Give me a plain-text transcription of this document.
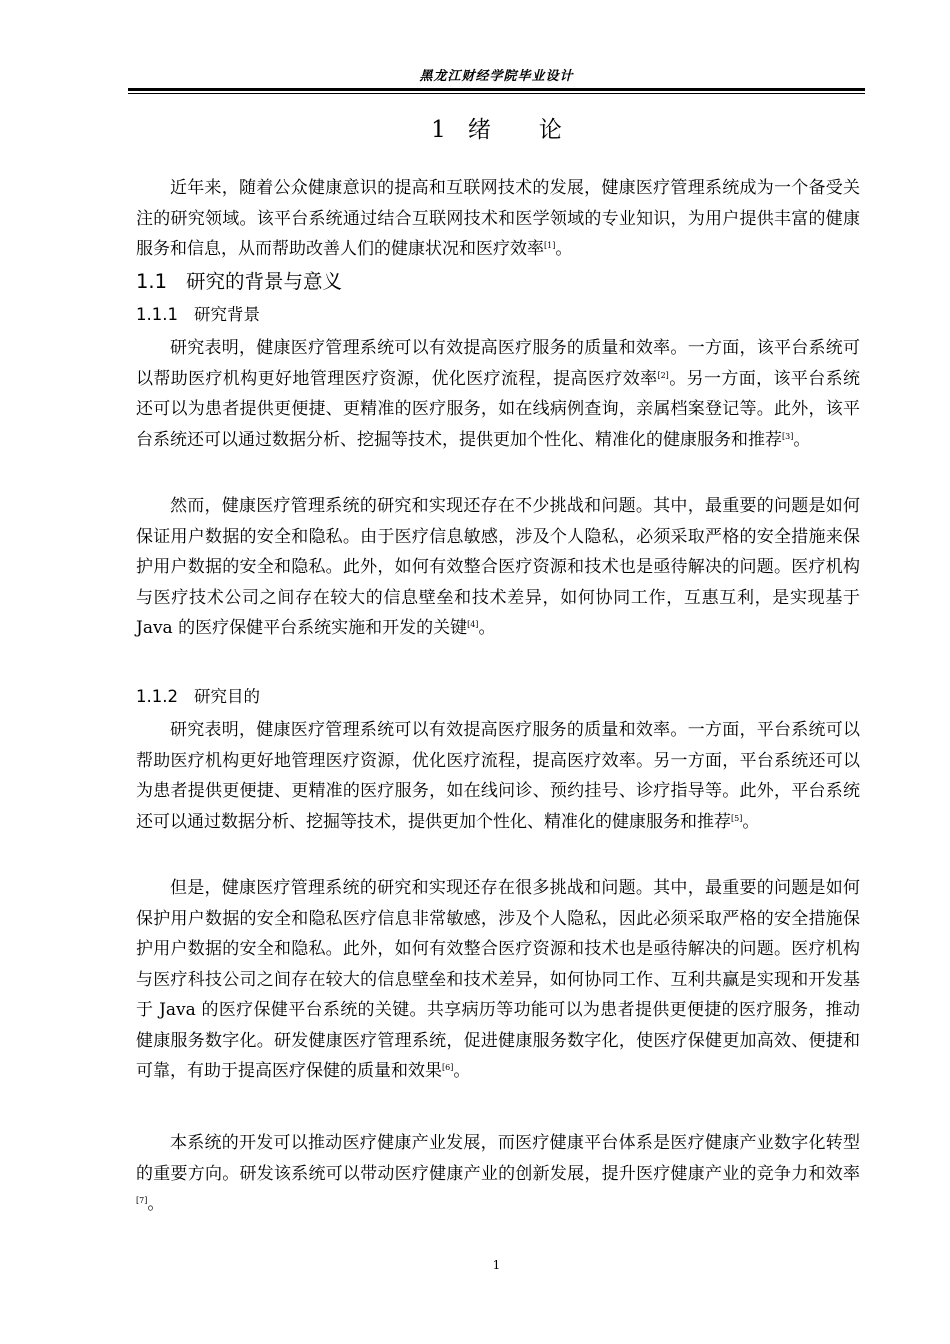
黑龙江财经学院毕业设计
1 绪 论

近年来，随着公众健康意识的提高和互联网技术的发展，健康医疗管理系统成为一个备受关注的研究领域。该平台系统通过结合互联网技术和医学领域的专业知识，为用户提供丰富的健康服务和信息，从而帮助改善人们的健康状况和医疗效率[1]。

1.1 研究的背景与意义
1.1.1 研究背景

研究表明，健康医疗管理系统可以有效提高医疗服务的质量和效率。一方面，该平台系统可以帮助医疗机构更好地管理医疗资源，优化医疗流程，提高医疗效率[2]。另一方面，该平台系统还可以为患者提供更便捷、更精准的医疗服务，如在线病例查询，亲属档案登记等。此外，该平台系统还可以通过数据分析、挖掘等技术，提供更加个性化、精准化的健康服务和推荐[3]。

然而，健康医疗管理系统的研究和实现还存在不少挑战和问题。其中，最重要的问题是如何保证用户数据的安全和隐私。由于医疗信息敏感，涉及个人隐私，必须采取严格的安全措施来保护用户数据的安全和隐私。此外，如何有效整合医疗资源和技术也是亟待解决的问题。医疗机构与医疗技术公司之间存在较大的信息壁垒和技术差异，如何协同工作，互惠互利，是实现基于 Java 的医疗保健平台系统实施和开发的关键[4]。

1.1.2 研究目的

研究表明，健康医疗管理系统可以有效提高医疗服务的质量和效率。一方面，平台系统可以帮助医疗机构更好地管理医疗资源，优化医疗流程，提高医疗效率。另一方面，平台系统还可以为患者提供更便捷、更精准的医疗服务，如在线问诊、预约挂号、诊疗指导等。此外，平台系统还可以通过数据分析、挖掘等技术，提供更加个性化、精准化的健康服务和推荐[5]。

但是，健康医疗管理系统的研究和实现还存在很多挑战和问题。其中，最重要的问题是如何保护用户数据的安全和隐私医疗信息非常敏感，涉及个人隐私，因此必须采取严格的安全措施保护用户数据的安全和隐私。此外，如何有效整合医疗资源和技术也是亟待解决的问题。医疗机构与医疗科技公司之间存在较大的信息壁垒和技术差异，如何协同工作、互利共赢是实现和开发基于 Java 的医疗保健平台系统的关键。共享病历等功能可以为患者提供更便捷的医疗服务，推动健康服务数字化。研发健康医疗管理系统，促进健康服务数字化，使医疗保健更加高效、便捷和可靠，有助于提高医疗保健的质量和效果[6]。

本系统的开发可以推动医疗健康产业发展，而医疗健康平台体系是医疗健康产业数字化转型的重要方向。研发该系统可以带动医疗健康产业的创新发展，提升医疗健康产业的竞争力和效率[7]。

1
